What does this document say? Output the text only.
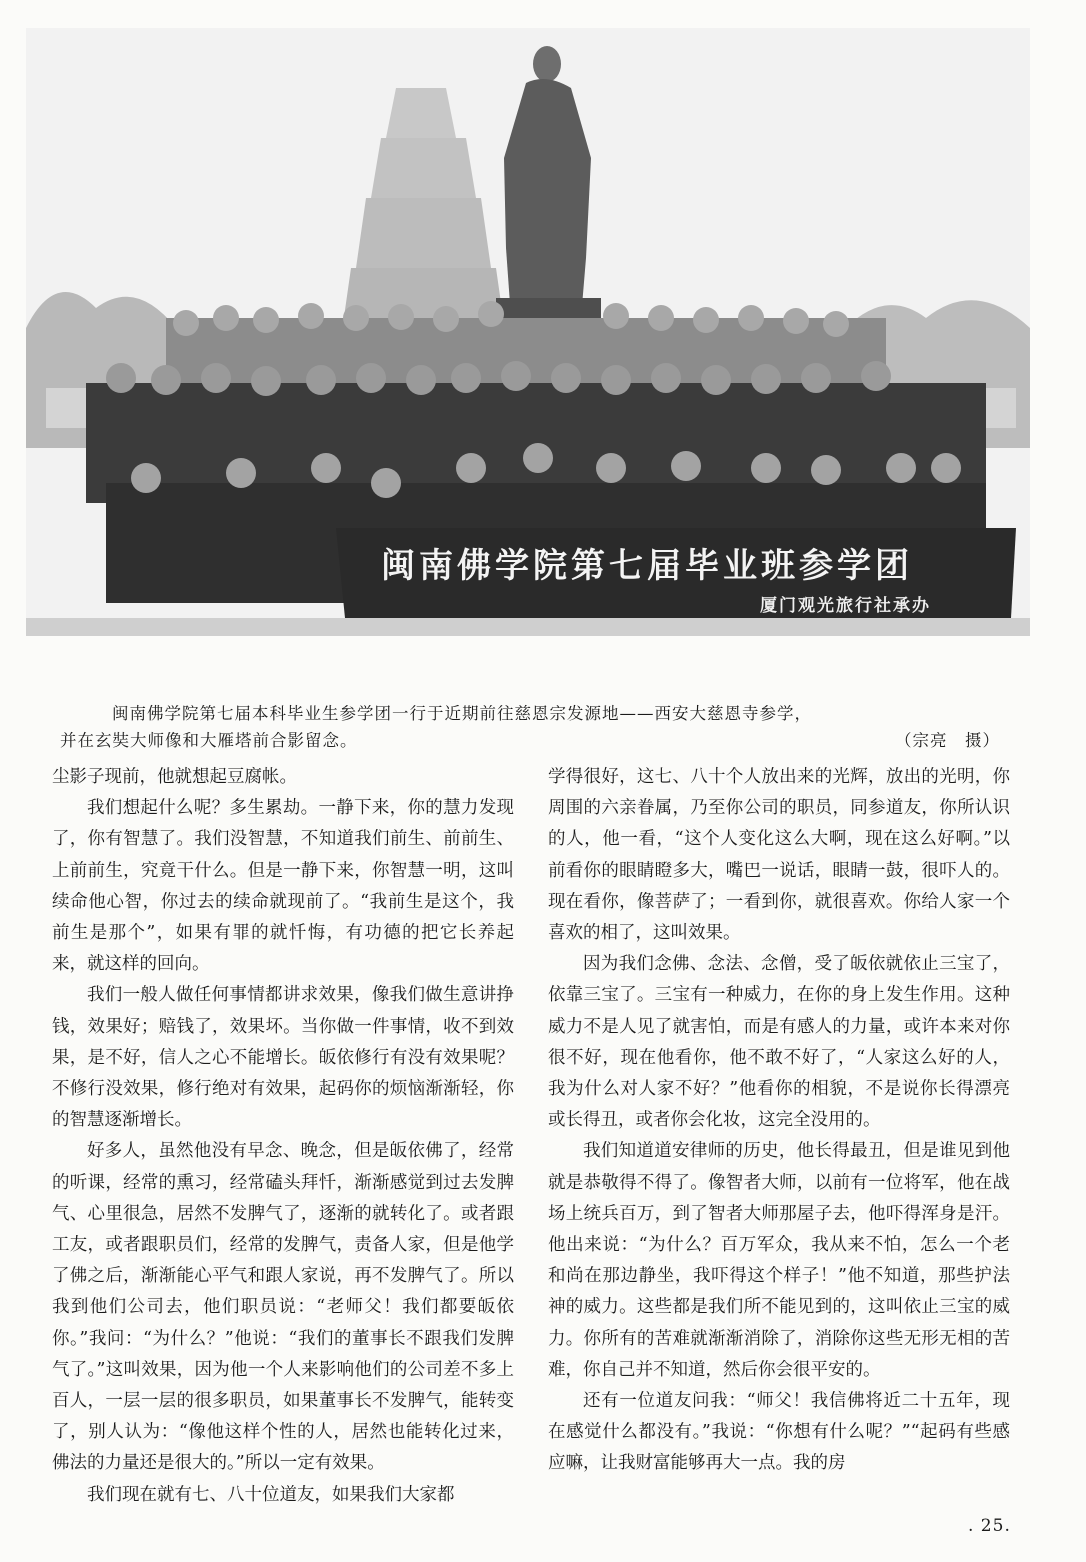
闽南佛学院第七届毕业班参学团
厦门观光旅行社承办
闽南佛学院第七届本科毕业生参学团一行于近期前往慈恩宗发源地——西安大慈恩寺参学，
并在玄奘大师像和大雁塔前合影留念。	（宗亮　摄）

尘影子现前，他就想起豆腐帐。

我们想起什么呢？多生累劫。一静下来，你的慧力发现了，你有智慧了。我们没智慧，不知道我们前生、前前生、上前前生，究竟干什么。但是一静下来，你智慧一明，这叫续命他心智，你过去的续命就现前了。“我前生是这个，我前生是那个”，如果有罪的就忏悔，有功德的把它长养起来，就这样的回向。

我们一般人做任何事情都讲求效果，像我们做生意讲挣钱，效果好；赔钱了，效果坏。当你做一件事情，收不到效果，是不好，信人之心不能增长。皈依修行有没有效果呢？不修行没效果，修行绝对有效果，起码你的烦恼渐渐轻，你的智慧逐渐增长。

好多人，虽然他没有早念、晚念，但是皈依佛了，经常的听课，经常的熏习，经常磕头拜忏，渐渐感觉到过去发脾气、心里很急，居然不发脾气了，逐渐的就转化了。或者跟工友，或者跟职员们，经常的发脾气，责备人家，但是他学了佛之后，渐渐能心平气和跟人家说，再不发脾气了。所以我到他们公司去，他们职员说：“老师父！我们都要皈依你。”我问：“为什么？”他说：“我们的董事长不跟我们发脾气了。”这叫效果，因为他一个人来影响他们的公司差不多上百人，一层一层的很多职员，如果董事长不发脾气，能转变了，别人认为：“像他这样个性的人，居然也能转化过来，佛法的力量还是很大的。”所以一定有效果。

我们现在就有七、八十位道友，如果我们大家都

学得很好，这七、八十个人放出来的光辉，放出的光明，你周围的六亲眷属，乃至你公司的职员，同参道友，你所认识的人，他一看，“这个人变化这么大啊，现在这么好啊。”以前看你的眼睛瞪多大，嘴巴一说话，眼睛一鼓，很吓人的。现在看你，像菩萨了；一看到你，就很喜欢。你给人家一个喜欢的相了，这叫效果。

因为我们念佛、念法、念僧，受了皈依就依止三宝了，依靠三宝了。三宝有一种威力，在你的身上发生作用。这种威力不是人见了就害怕，而是有感人的力量，或许本来对你很不好，现在他看你，他不敢不好了，“人家这么好的人，我为什么对人家不好？”他看你的相貌，不是说你长得漂亮或长得丑，或者你会化妆，这完全没用的。

我们知道道安律师的历史，他长得最丑，但是谁见到他就是恭敬得不得了。像智者大师，以前有一位将军，他在战场上统兵百万，到了智者大师那屋子去，他吓得浑身是汗。他出来说：“为什么？百万军众，我从来不怕，怎么一个老和尚在那边静坐，我吓得这个样子！”他不知道，那些护法神的威力。这些都是我们所不能见到的，这叫依止三宝的威力。你所有的苦难就渐渐消除了，消除你这些无形无相的苦难，你自己并不知道，然后你会很平安的。

还有一位道友问我：“师父！我信佛将近二十五年，现在感觉什么都没有。”我说：“你想有什么呢？”“起码有些感应嘛，让我财富能够再大一点。我的房

. 25.
